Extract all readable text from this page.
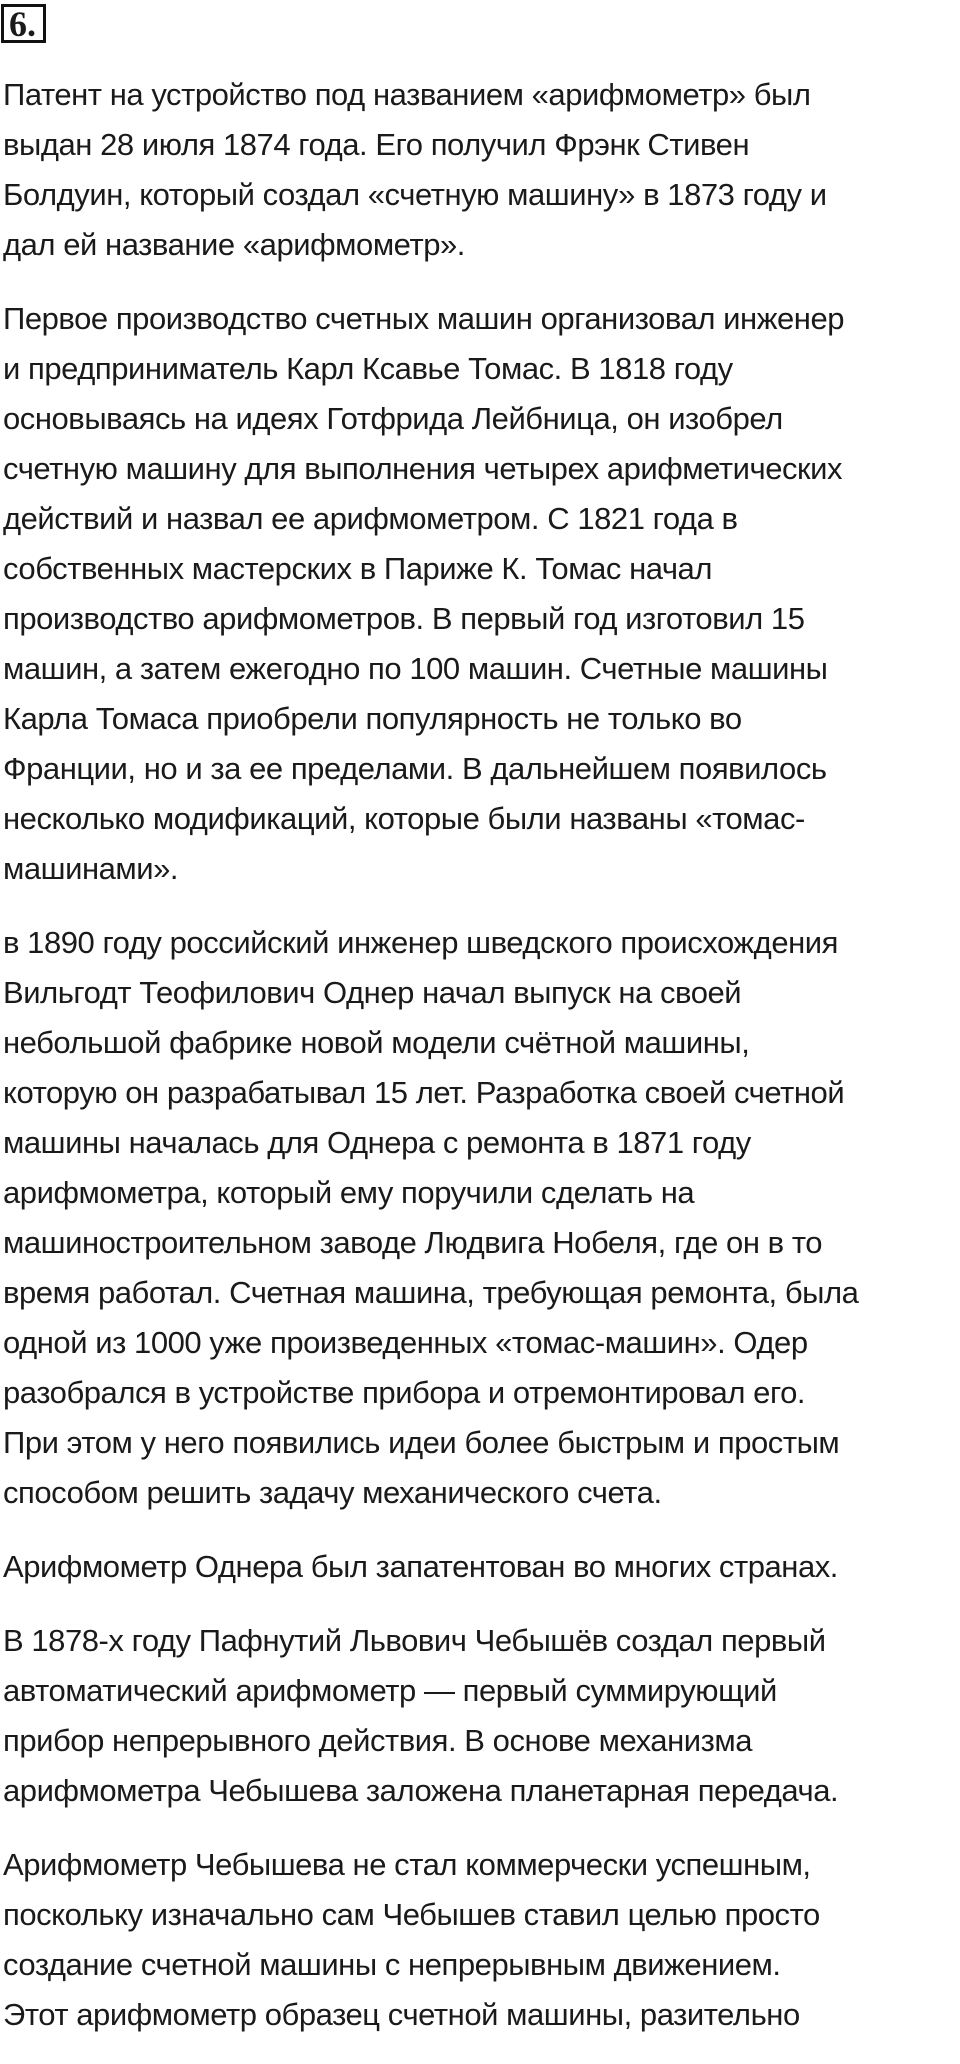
6.

Патент на устройство под названием «арифмометр» был
выдан 28 июля 1874 года. Его получил Фрэнк Стивен
Болдуин, который создал «счетную машину» в 1873 году и
дал ей название «арифмометр».

Первое производство счетных машин организовал инженер
и предприниматель Карл Ксавье Томас. В 1818 году
основываясь на идеях Готфрида Лейбница, он изобрел
счетную машину для выполнения четырех арифметических
действий и назвал ее арифмометром. С 1821 года в
собственных мастерских в Париже К. Томас начал
производство арифмометров. В первый год изготовил 15
машин, а затем ежегодно по 100 машин. Счетные машины
Карла Томаса приобрели популярность не только во
Франции, но и за ее пределами. В дальнейшем появилось
несколько модификаций, которые были названы «томас-
машинами».

в 1890 году российский инженер шведского происхождения
Вильгодт Теофилович Однер начал выпуск на своей
небольшой фабрике новой модели счётной машины,
которую он разрабатывал 15 лет. Разработка своей счетной
машины началась для Однера с ремонта в 1871 году
арифмометра, который ему поручили сделать на
машиностроительном заводе Людвига Нобеля, где он в то
время работал. Счетная машина, требующая ремонта, была
одной из 1000 уже произведенных «томас-машин». Одер
разобрался в устройстве прибора и отремонтировал его.
При этом у него появились идеи более быстрым и простым
способом решить задачу механического счета.

Арифмометр Однера был запатентован во многих странах.

В 1878-х году Пафнутий Львович Чебышёв создал первый
автоматический арифмометр — первый суммирующий
прибор непрерывного действия. В основе механизма
арифмометра Чебышева заложена планетарная передача.

Арифмометр Чебышева не стал коммерчески успешным,
поскольку изначально сам Чебышев ставил целью просто
создание счетной машины с непрерывным движением.
Этот арифмометр образец счетной машины, разительно
